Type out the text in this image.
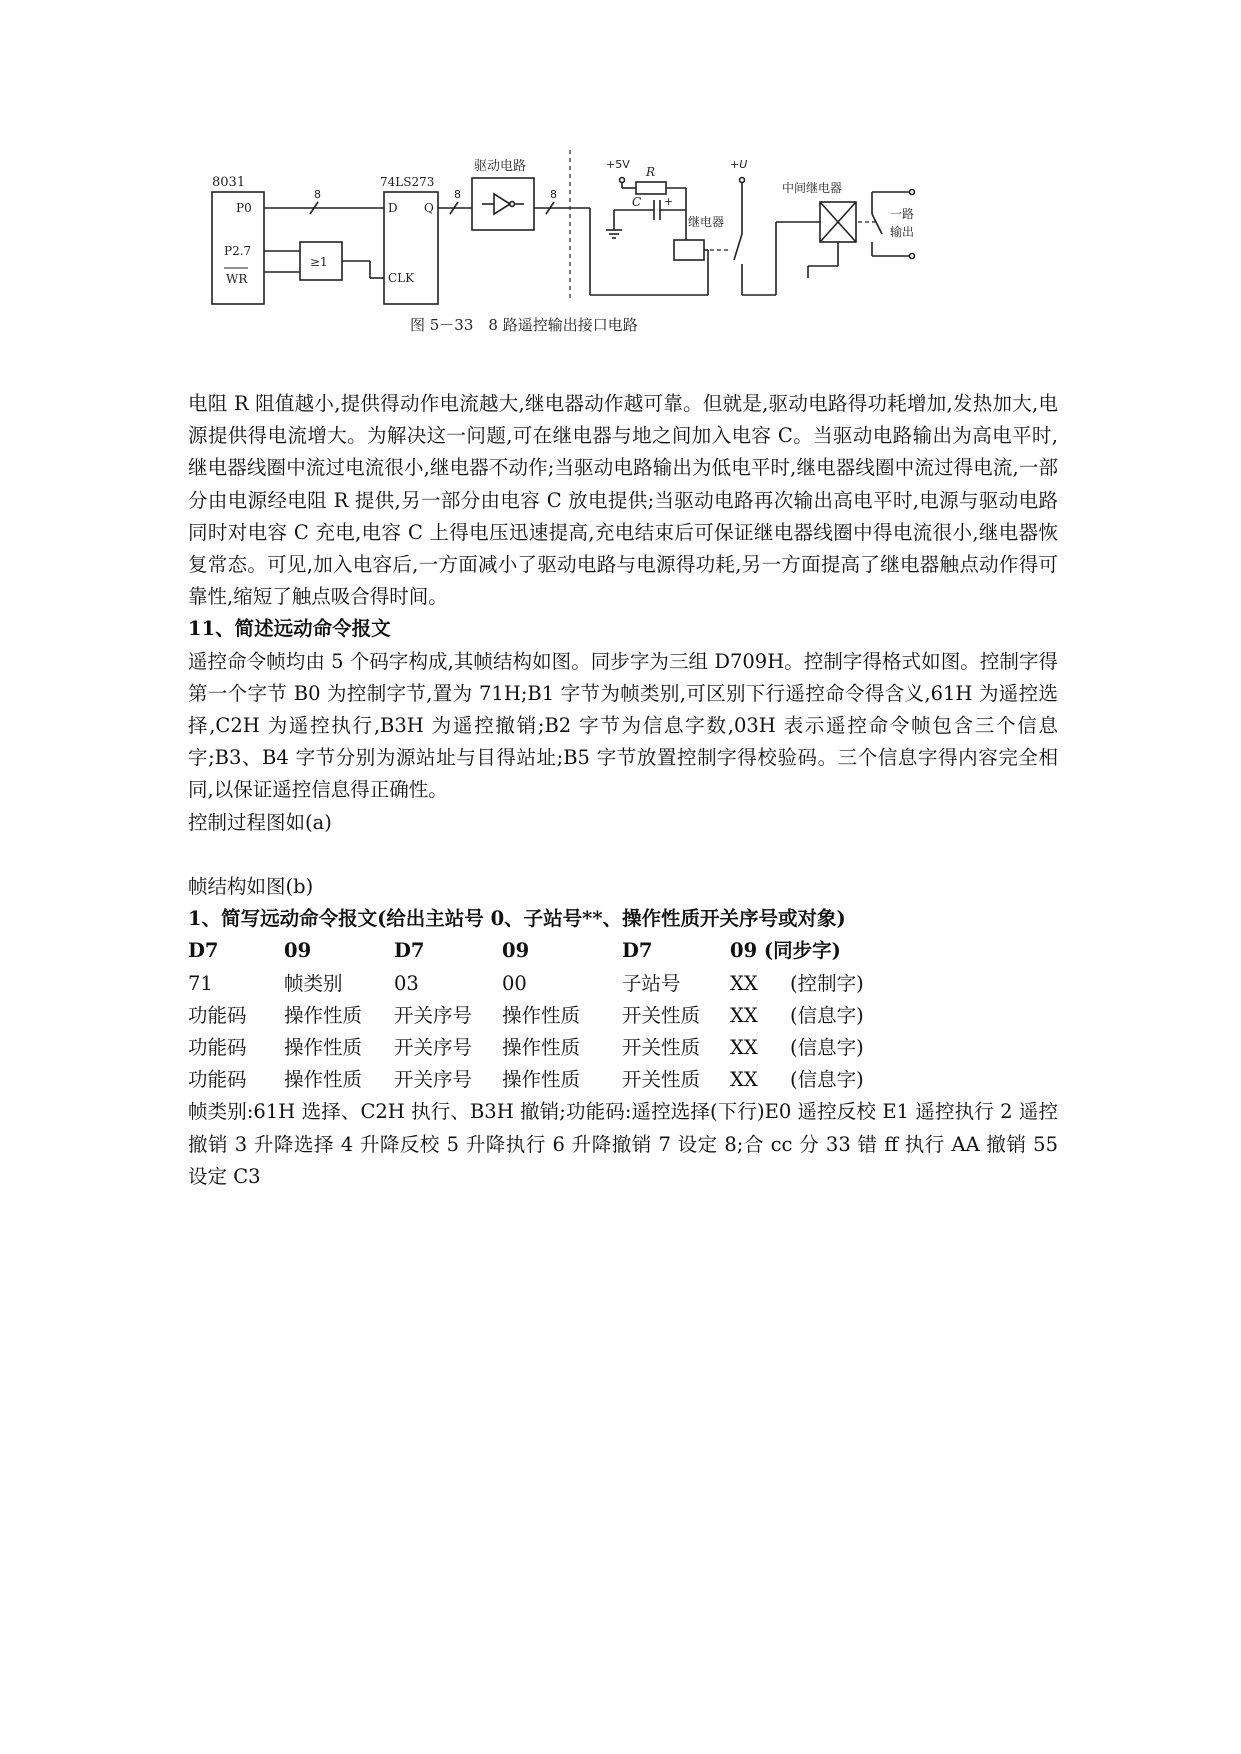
8031
P0
P2.7
WR
≥1
8
74LS273
D Q
CLK
8
驱动电路
8
+5V
R
C +
继电器
+U
中间继电器
一路
输出
图 5－33　8 路遥控输出接口电路

电阻 R 阻值越小,提供得动作电流越大,继电器动作越可靠。但就是,驱动电路得功耗增加,发热加大,电源提供得电流增大。为解决这一问题,可在继电器与地之间加入电容 C。当驱动电路输出为高电平时,继电器线圈中流过电流很小,继电器不动作;当驱动电路输出为低电平时,继电器线圈中流过得电流,一部分由电源经电阻 R 提供,另一部分由电容 C 放电提供;当驱动电路再次输出高电平时,电源与驱动电路同时对电容 C 充电,电容 C 上得电压迅速提高,充电结束后可保证继电器线圈中得电流很小,继电器恢复常态。可见,加入电容后,一方面减小了驱动电路与电源得功耗,另一方面提高了继电器触点动作得可靠性,缩短了触点吸合得时间。

11、简述远动命令报文

遥控命令帧均由 5 个码字构成,其帧结构如图。同步字为三组 D709H。控制字得格式如图。控制字得第一个字节 B0 为控制字节,置为 71H;B1 字节为帧类别,可区别下行遥控命令得含义,61H 为遥控选择,C2H 为遥控执行,B3H 为遥控撤销;B2 字节为信息字数,03H 表示遥控命令帧包含三个信息字;B3、B4 字节分别为源站址与目得站址;B5 字节放置控制字得校验码。三个信息字得内容完全相同,以保证遥控信息得正确性。

控制过程图如(a)

帧结构如图(b)

1、简写远动命令报文(给出主站号 0、子站号**、操作性质开关序号或对象)

D7	09	D7	09	D7	09 (同步字)	
71	帧类别	03	00	子站号	XX	(控制字)
功能码	操作性质	开关序号	操作性质	开关性质	XX	(信息字)
功能码	操作性质	开关序号	操作性质	开关性质	XX	(信息字)
功能码	操作性质	开关序号	操作性质	开关性质	XX	(信息字)

帧类别:61H 选择、C2H 执行、B3H 撤销;功能码:遥控选择(下行)E0 遥控反校 E1 遥控执行 2 遥控撤销 3 升降选择 4 升降反校 5 升降执行 6 升降撤销 7 设定 8;合 cc 分 33 错 ff 执行 AA 撤销 55 设定 C3
